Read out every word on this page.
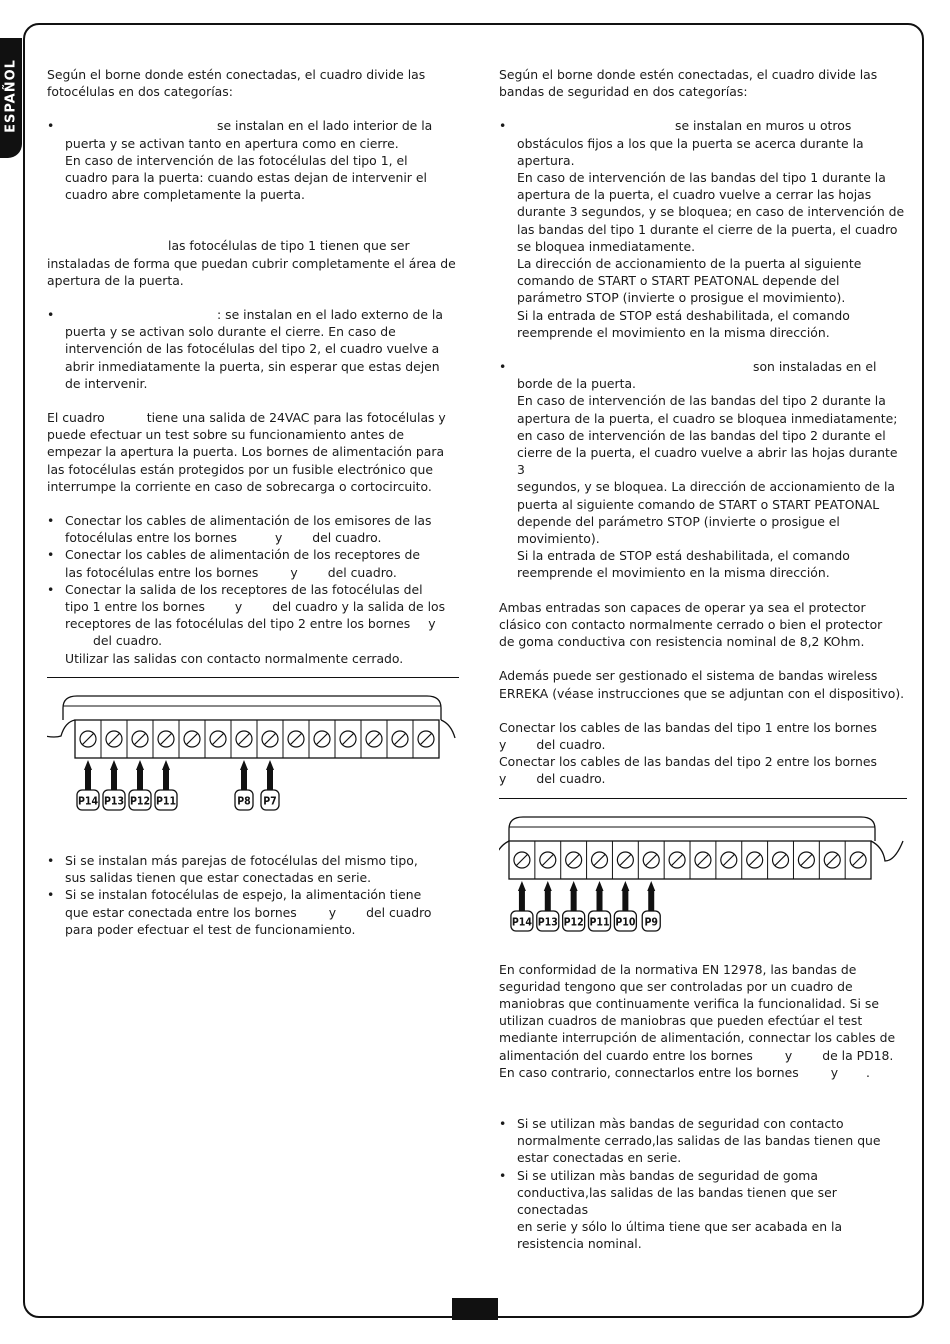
ESPAÑOL Según el borne donde estén conectadas, el cuadro divide las fotocélulas en dos categorías:

• se instalan en el lado interior de la

puerta y se activan tanto en apertura como en cierre.

En caso de intervención de las fotocélulas del tipo 1, el

cuadro para la puerta: cuando estas dejan de intervenir el

cuadro abre completamente la puerta.

las fotocélulas de tipo 1 tienen que ser instaladas de forma que puedan cubrir completamente el área de apertura de la puerta.

• : se instalan en el lado externo de la

puerta y se activan solo durante el cierre. En caso de

intervención de las fotocélulas del tipo 2, el cuadro vuelve a

abrir inmediatamente la puerta, sin esperar que estas dejen

de intervenir.

El cuadro	tiene una salida de 24VAC para las fotocélulas y puede efectuar un test sobre su funcionamiento antes de empezar la apertura la puerta. Los bornes de alimentación para las fotocélulas están protegidos por un fusible electrónico que interrumpe la corriente en caso de sobrecarga o cortocircuito.

• Conectar los cables de alimentación de los emisores de las

fotocélulas entre los bornes	y del cuadro.

• Conectar los cables de alimentación de los receptores de

las fotocélulas entre los bornes	y del cuadro.

• Conectar la salida de los receptores de las fotocélulas del

tipo 1 entre los bornes y del cuadro y la salida de los

receptores de las fotocélulas del tipo 2 entre los bornes y

del cuadro.

Utilizar las salidas con contacto normalmente cerrado.

P14 P13 P12 P11	P8 P7

• Si se instalan más parejas de fotocélulas del mismo tipo,

sus salidas tienen que estar conectadas en serie.

• Si se instalan fotocélulas de espejo, la alimentación tiene

que estar conectada entre los bornes	y del cuadro

para poder efectuar el test de funcionamiento.

Según el borne donde estén conectadas, el cuadro divide las bandas de seguridad en dos categorías:

• se instalan en muros u otros

obstáculos fijos a los que la puerta se acerca durante la

apertura.

En caso de intervención de las bandas del tipo 1 durante la

apertura de la puerta, el cuadro vuelve a cerrar las hojas

durante 3 segundos, y se bloquea; en caso de intervención de

las bandas del tipo 1 durante el cierre de la puerta, el cuadro

se bloquea inmediatamente.

La dirección de accionamiento de la puerta al siguiente

comando de START o START PEATONAL depende del

parámetro STOP (invierte o prosigue el movimiento).

Si la entrada de STOP está deshabilitada, el comando

reemprende el movimiento en la misma dirección.

• son instaladas en el

borde de la puerta.

En caso de intervención de las bandas del tipo 2 durante la

apertura de la puerta, el cuadro se bloquea inmediatamente;

en caso de intervención de las bandas del tipo 2 durante el

cierre de la puerta, el cuadro vuelve a abrir las hojas durante 3

segundos, y se bloquea. La dirección de accionamiento de la

puerta al siguiente comando de START o START PEATONAL

depende del parámetro STOP (invierte o prosigue el

movimiento).

Si la entrada de STOP está deshabilitada, el comando

reemprende el movimiento en la misma dirección.

Ambas entradas son capaces de operar ya sea el protector

clásico con contacto normalmente cerrado o bien el protector

de goma conductiva con resistencia nominal de 8,2 KOhm.

Además puede ser gestionado el sistema de bandas wireless

ERREKA (véase instrucciones que se adjuntan con el dispositivo).

Conectar los cables de las bandas del tipo 1 entre los bornes

y del cuadro.

Conectar los cables de las bandas del tipo 2 entre los bornes

y del cuadro.

P14 P13 P12 P11 P10 P9

En conformidad de la normativa EN 12978, las bandas de

seguridad tengonо que ser controladas por un cuadro de

maniobras que continuamente verifica la funcionalidad. Si se

utilizan cuadros de maniobras que pueden efectúar el test

mediante interrupción de alimentación, connectar los cables de

alimentación del cuardo entre los bornes	y de la PD18.

En caso contrario, connectarlos entre los bornes	y .

• Si se utilizan màs bandas de seguridad con contacto

normalmente cerrado,las salidas de las bandas tienen que

estar conectadas en serie.

• Si se utilizan màs bandas de seguridad de goma

conductiva,las salidas de las bandas tienen que ser conectadas

en serie y sólo lo última tiene que ser acabada en la

resistencia nominal.
